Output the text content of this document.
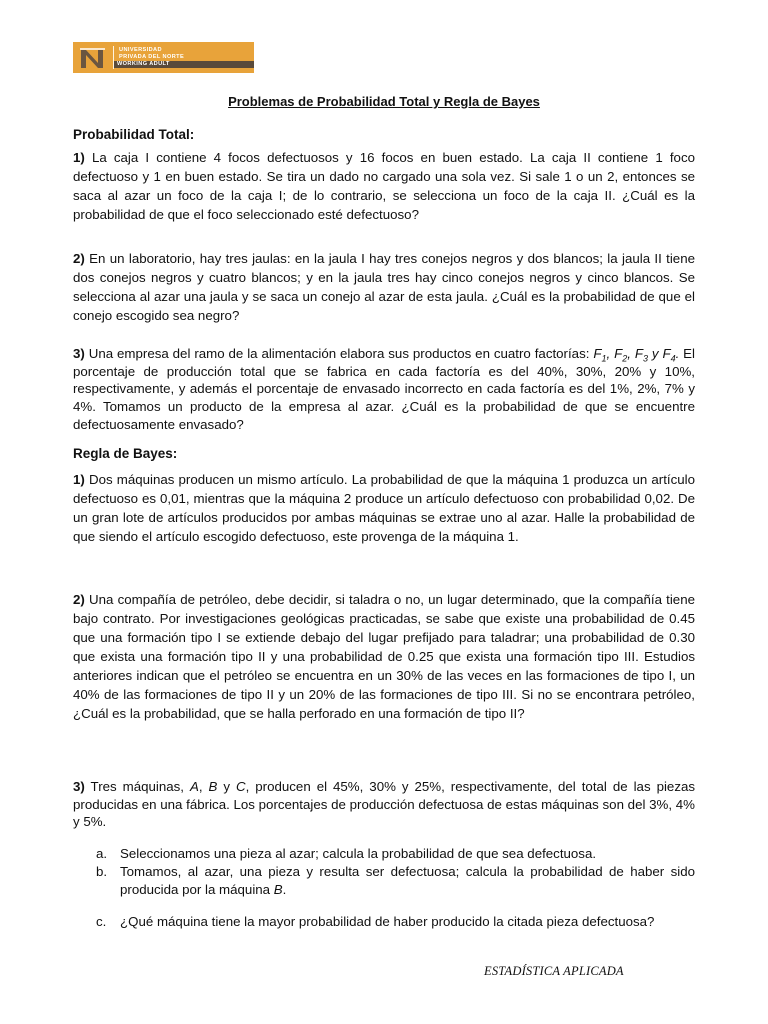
UNIVERSIDAD
PRIVADA DEL NORTE
WORKING ADULT
Problemas de Probabilidad Total y Regla de Bayes
Probabilidad Total:

1) La caja I contiene 4 focos defectuosos y 16 focos en buen estado. La caja II contiene 1 foco defectuoso y 1 en buen estado. Se tira un dado no cargado una sola vez. Si sale 1 o un 2, entonces se saca al azar un foco de la caja I; de lo contrario, se selecciona un foco de la caja II. ¿Cuál es la probabilidad de que el foco seleccionado esté defectuoso?

2) En un laboratorio, hay tres jaulas: en la jaula I hay tres conejos negros y dos blancos; la jaula II tiene dos conejos negros y cuatro blancos; y en la jaula tres hay cinco conejos negros y cinco blancos. Se selecciona al azar una jaula y se saca un conejo al azar de esta jaula. ¿Cuál es la probabilidad de que el conejo escogido sea negro?

3) Una empresa del ramo de la alimentación elabora sus productos en cuatro factorías: $F_1$, $F_2$, $F_3$ y $F_4$. El porcentaje de producción total que se fabrica en cada factoría es del 40%, 30%, 20% y 10%, respectivamente, y además el porcentaje de envasado incorrecto en cada factoría es del 1%, 2%, 7% y 4%. Tomamos un producto de la empresa al azar. ¿Cuál es la probabilidad de que se encuentre defectuosamente envasado?

Regla de Bayes:

1) Dos máquinas producen un mismo artículo. La probabilidad de que la máquina 1 produzca un artículo defectuoso es 0,01, mientras que la máquina 2 produce un artículo defectuoso con probabilidad 0,02. De un gran lote de artículos producidos por ambas máquinas se extrae uno al azar. Halle la probabilidad de que siendo el artículo escogido defectuoso, este provenga de la máquina 1.

2) Una compañía de petróleo, debe decidir, si taladra o no, un lugar determinado, que la compañía tiene bajo contrato. Por investigaciones geológicas practicadas, se sabe que existe una probabilidad de 0.45 que una formación tipo I se extiende debajo del lugar prefijado para taladrar; una probabilidad de 0.30 que exista una formación tipo II y una probabilidad de 0.25 que exista una formación tipo III. Estudios anteriores indican que el petróleo se encuentra en un 30% de las veces en las formaciones de tipo I, un 40% de las formaciones de tipo II y un 20% de las formaciones de tipo III. Si no se encontrara petróleo, ¿Cuál es la probabilidad, que se halla perforado en una formación de tipo II?

3) Tres máquinas, A, B y C, producen el 45%, 30% y 25%, respectivamente, del total de las piezas producidas en una fábrica. Los porcentajes de producción defectuosa de estas máquinas son del 3%, 4% y 5%.

a. Seleccionamos una pieza al azar; calcula la probabilidad de que sea defectuosa.
b. Tomamos, al azar, una pieza y resulta ser defectuosa; calcula la probabilidad de haber sido producida por la máquina B.
c.	¿Qué máquina tiene la mayor probabilidad de haber producido la citada pieza defectuosa?
ESTADÍSTICA APLICADA
